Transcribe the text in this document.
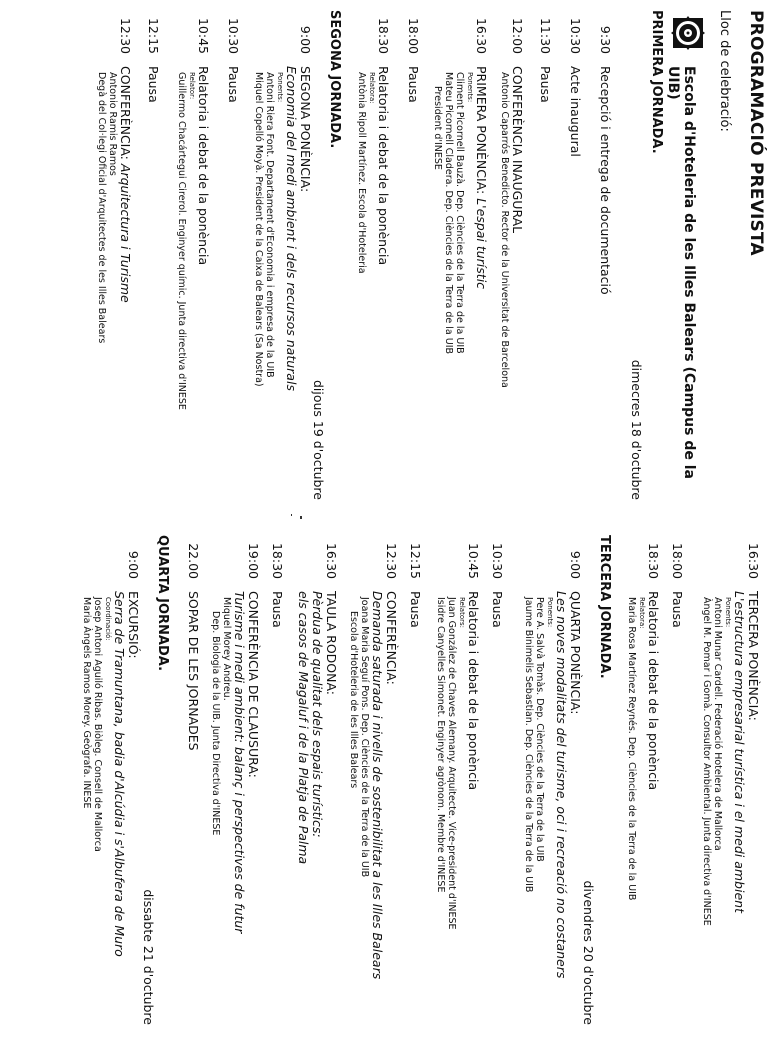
PROGRAMACIÓ PREVISTA
Lloc de celebració:
Escola d'Hoteleria de les Illes Balears (Campus de la UIB)
PRIMERA JORNADA.
dimecres 18 d'octubre
9:30
Recepció i entrega de documentació
10:30
Acte inaugural
11:30
Pausa
12:00
CONFERÈNCIA INAUGURAL
Antonio Caparrós Benedicto. Rector de la Universitat de Barcelona
16:30
PRIMERA PONÈNCIA: L'espai turístic
Ponents:
Climent Picornell Bauzà. Dep. Ciències de la Terra de la UIB
Mateu Picornell Cladera. Dep. Ciències de la Terra de la UIB
President d'INESE
18:00
Pausa
18:30
Relatoria i debat de la ponència
Relatora:
Antònia Ripoll Martínez. Escola d'Hoteleria
SEGONA JORNADA.
dijous 19 d'octubre
9:00
SEGONA PONÈNCIA:
Economia del medi ambient i dels recursos naturals
Ponents:
Antoni Riera Font. Departament d'Economia i empresa de la UIB
Miquel Copelló Moyà. President de la Caixa de Balears (Sa Nostra)
10:30
Pausa
10:45
Relatoria i debat de la ponència
Relator:
Guillermo Chacártegui Cirerol. Enginyer químic. Junta directiva d'INESE
12:15
Pausa
12:30
CONFERÈNCIA: Arquitectura i Turisme
Antonio Ramis Ramos
Degà del Col·legi Oficial d'Arquitectes de les Illes Balears
16:30
TERCERA PONÈNCIA:
L'estructura empresarial turística i el medi ambient
Ponents:
Antoni Munar Cardell. Federació Hotelera de Mallorca
Àngel M. Pomar i Gomà. Consultor Ambiental. Junta directiva d'INESE
18:00
Pausa
18:30
Relatoria i debat de la ponència
Relatora:
Maria Rosa Martínez Reynés. Dep. Ciències de la Terra de la UIB
TERCERA JORNADA.
divendres 20 d'octubre
9:00
QUARTA PONÈNCIA:
Les noves modalitats del turisme, oci i recreació no costaners
Ponents:
Pere A. Salvà Tomàs. Dep. Ciències de la Terra de la UIB
Jaume Binimelis Sebastian. Dep. Ciències de la Terra de la UIB
10:30
Pausa
10:45
Relatoria i debat de la ponència
Relators:
Juan González de Chaves Alemany. Arquitecte. Vice-president d'INESE
Isidre Canyelles Simonet. Enginyer agrònom. Membre d'INESE
12:15
Pausa
12:30
CONFERÈNCIA:
Demanda saturada i nivells de sostenibilitat a les Illes Balears
Joana Maria Seguí Pons. Dep. Ciències de la Terra de la UIB
Escola d'Hoteleria de les Illes Balears
16:30
TAULA RODONA:
Pèrdua de qualitat dels espais turístics:
els casos de Magaluf i de la Platja de Palma
18:30
Pausa
19:00
CONFERÈNCIA DE CLAUSURA:
Turisme i medi ambient: balanç i perspectives de futur
Miquel Morey Andreu.
Dep. Biologia de la UIB. Junta Directiva d'INESE
22.00
SOPAR DE LES JORNADES
QUARTA JORNADA.
dissabte 21 d'octubre
9:00
EXCURSIÓ:
Serra de Tramuntana, badia d'Alcúdia i s'Albufera de Muro
Coordinació:
Josep Antoni Aguiló Ribas. Biòleg. Consell de Mallorca
Maria Àngels Ramos Morey. Geògrafa. INESE
